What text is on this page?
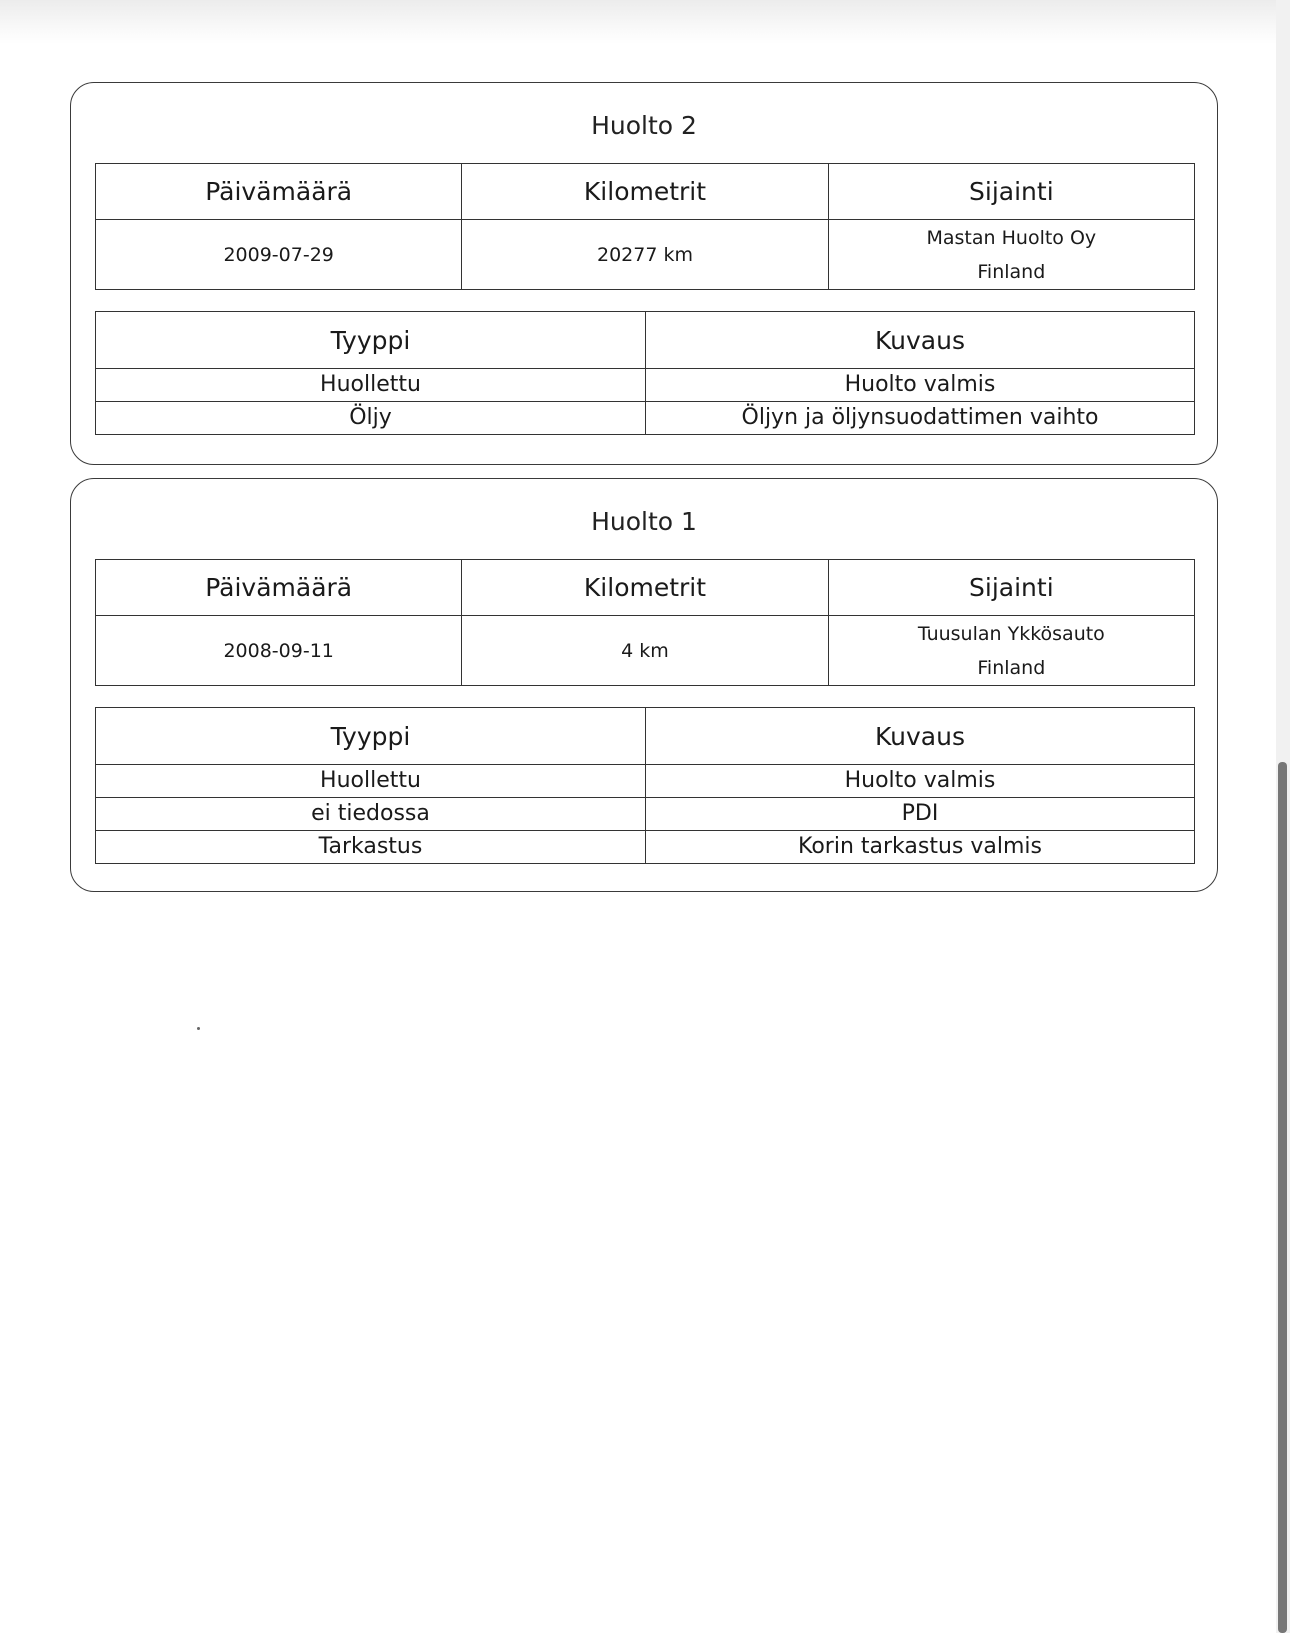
Huolto 2
Päivämäärä	Kilometrit	Sijainti
2009-07-29	20277 km	Mastan Huolto Oy
Finland
Tyyppi	Kuvaus
Huollettu	Huolto valmis
Öljy	Öljyn ja öljynsuodattimen vaihto
Huolto 1
Päivämäärä	Kilometrit	Sijainti
2008-09-11	4 km	Tuusulan Ykkösauto
Finland
Tyyppi	Kuvaus
Huollettu	Huolto valmis
ei tiedossa	PDI
Tarkastus	Korin tarkastus valmis
